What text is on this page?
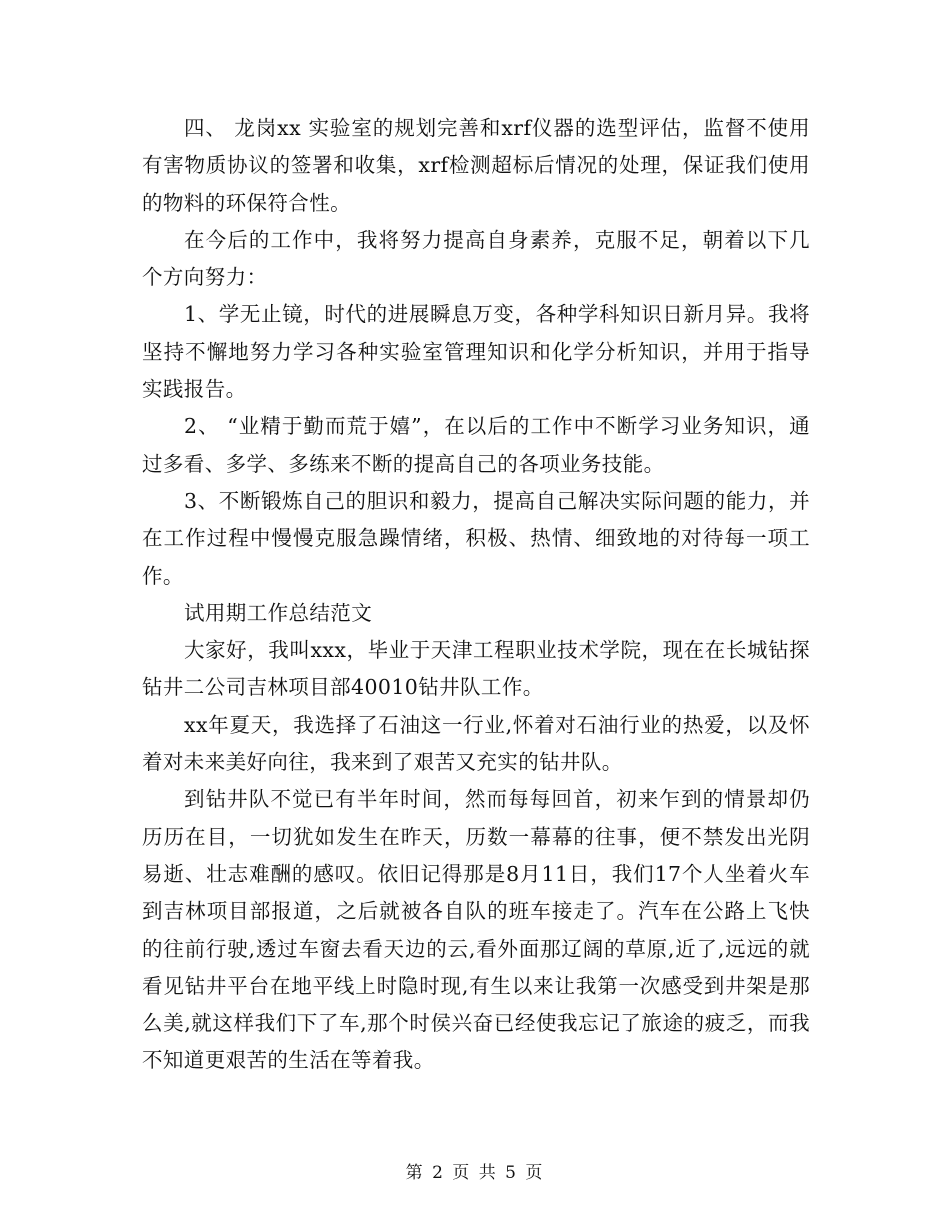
四、 龙岗xx 实验室的规划完善和xrf仪器的选型评估，监督不使用有害物质协议的签署和收集，xrf检测超标后情况的处理，保证我们使用的物料的环保符合性。

在今后的工作中，我将努力提高自身素养，克服不足，朝着以下几个方向努力：

1、学无止镜，时代的进展瞬息万变，各种学科知识日新月异。我将坚持不懈地努力学习各种实验室管理知识和化学分析知识，并用于指导实践报告。

2、 “业精于勤而荒于嬉”，在以后的工作中不断学习业务知识，通过多看、多学、多练来不断的提高自己的各项业务技能。

3、不断锻炼自己的胆识和毅力，提高自己解决实际问题的能力，并在工作过程中慢慢克服急躁情绪，积极、热情、细致地的对待每一项工作。

试用期工作总结范文

大家好，我叫xxx，毕业于天津工程职业技术学院，现在在长城钻探钻井二公司吉林项目部40010钻井队工作。

xx年夏天，我选择了石油这一行业,怀着对石油行业的热爱，以及怀着对未来美好向往，我来到了艰苦又充实的钻井队。

到钻井队不觉已有半年时间，然而每每回首，初来乍到的情景却仍历历在目，一切犹如发生在昨天，历数一幕幕的往事，便不禁发出光阴易逝、壮志难酬的感叹。依旧记得那是8月11日，我们17个人坐着火车到吉林项目部报道，之后就被各自队的班车接走了。汽车在公路上飞快的往前行驶,透过车窗去看天边的云,看外面那辽阔的草原,近了,远远的就看见钻井平台在地平线上时隐时现,有生以来让我第一次感受到井架是那么美,就这样我们下了车,那个时侯兴奋已经使我忘记了旅途的疲乏，而我不知道更艰苦的生活在等着我。

第 2 页 共 5 页
